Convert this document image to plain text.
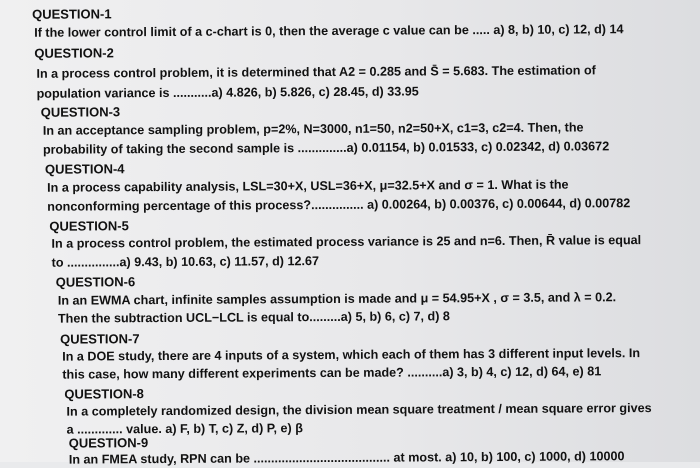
QUESTION-1
If the lower control limit of a c-chart is 0, then the average c value can be ..... a) 8, b) 10, c) 12, d) 14
QUESTION-2
In a process control problem, it is determined that A2 = 0.285 and S̄ = 5.683. The estimation of
population variance is ...........a) 4.826, b) 5.826, c) 28.45, d) 33.95
QUESTION-3
In an acceptance sampling problem, p=2%, N=3000, n1=50, n2=50+X, c1=3, c2=4. Then, the
probability of taking the second sample is ..............a) 0.01154, b) 0.01533, c) 0.02342, d) 0.03672
QUESTION-4
In a process capability analysis, LSL=30+X, USL=36+X, μ=32.5+X and σ = 1. What is the
nonconforming percentage of this process?............... a) 0.00264, b) 0.00376, c) 0.00644, d) 0.00782
QUESTION-5
In a process control problem, the estimated process variance is 25 and n=6. Then, R̄ value is equal
to ...............a) 9.43, b) 10.63, c) 11.57, d) 12.67
QUESTION-6
In an EWMA chart, infinite samples assumption is made and μ = 54.95+X , σ = 3.5, and λ = 0.2.
Then the subtraction UCL−LCL is equal to.........a) 5, b) 6, c) 7, d) 8
QUESTION-7
In a DOE study, there are 4 inputs of a system, which each of them has 3 different input levels. In
this case, how many different experiments can be made? ..........a) 3, b) 4, c) 12, d) 64, e) 81
QUESTION-8
In a completely randomized design, the division mean square treatment / mean square error gives
a ............. value. a) F, b) T, c) Z, d) P, e) β
QUESTION-9
In an FMEA study, RPN can be ....................................... at most. a) 10, b) 100, c) 1000, d) 10000
